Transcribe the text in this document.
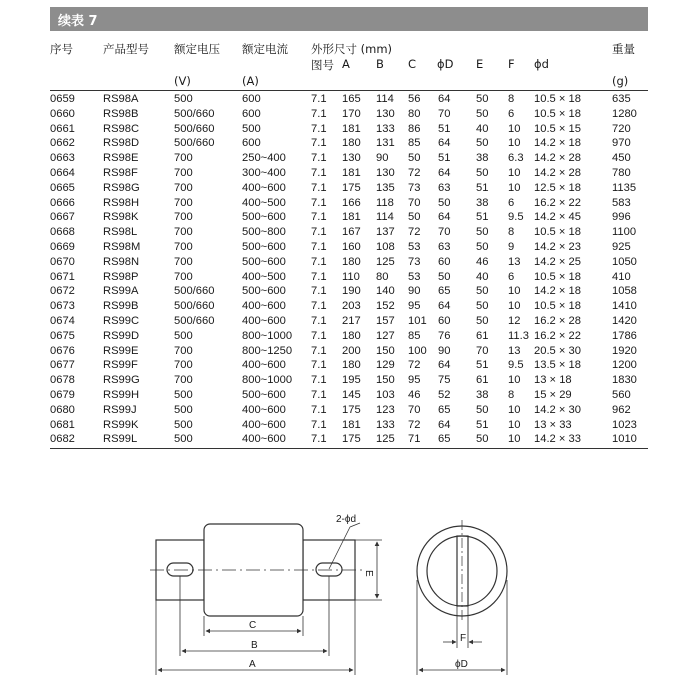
续表 7
序号	产品型号 额定电压 额定电流 外形尺寸 (mm)	重量
图号 A B C ϕD E F ϕd
(V)	(A)	(g)
0659	RS98A	500	600	7.1 165 114 56 64 50 8 10.5 × 18	635
0660	RS98B	500/660 600	7.1 170 130 80 70 50 6 10.5 × 18	1280
0661	RS98C	500/660 500	7.1 181 133 86 51 40 10 10.5 × 15	720
0662	RS98D	500/660 600	7.1 180 131 85 64 50 10 14.2 × 18	970
0663	RS98E	700	250~400 7.1 130 90 50 51 38 6.3 14.2 × 28	450
0664	RS98F	700	300~400 7.1 181 130 72 64 50 10 14.2 × 28	780
0665	RS98G	700	400~600 7.1 175 135 73 63 51 10 12.5 × 18	1135
0666	RS98H	700	400~500 7.1 166 118 70 50 38 6 16.2 × 22	583
0667	RS98K	700	500~600 7.1 181 114 50 64 51 9.5 14.2 × 45	996
0668	RS98L	700	500~800 7.1 167 137 72 70 50 8 10.5 × 18	1100
0669	RS98M	700	500~600 7.1 160 108 53 63 50 9 14.2 × 23	925
0670	RS98N	700	500~600 7.1 180 125 73 60 46 13 14.2 × 25	1050
0671	RS98P	700	400~500 7.1 110 80 53 50 40 6 10.5 × 18	410
0672	RS99A	500/660 500~600 7.1 190 140 90 65 50 10 14.2 × 18	1058
0673	RS99B	500/660 400~600 7.1 203 152 95 64 50 10 10.5 × 18	1410
0674	RS99C	500/660 400~600 7.1 217 157 101 60 50 12 16.2 × 28	1420
0675	RS99D	500	800~1000 7.1 180 127 85 76 61 11.3 16.2 × 22	1786
0676	RS99E	700	800~1250 7.1 200 150 100 90 70 13 20.5 × 30	1920
0677	RS99F	700	400~600 7.1 180 129 72 64 51 9.5 13.5 × 18	1200
0678	RS99G	700	800~1000 7.1 195 150 95 75 61 10 13 × 18	1830
0679	RS99H	500	500~600 7.1 145 103 46 52 38 8 15 × 29	560
0680	RS99J	500	400~600 7.1 175 123 70 65 50 10 14.2 × 30	962
0681	RS99K	500	400~600 7.1 181 133 72 64 51 10 13 × 33	1023
0682	RS99L	500	400~600 7.1 175 125 71 65 50 10 14.2 × 33	1010
2-ϕd
E
C
B
A
F
ϕD
